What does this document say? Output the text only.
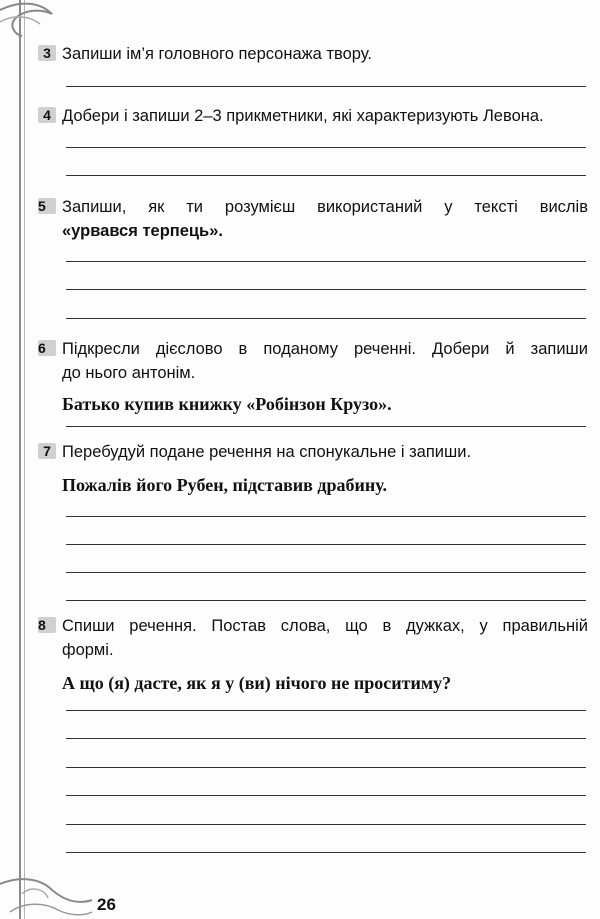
3 Запиши ім’я головного персонажа твору.
4 Добери і запиши 2–3 прикметники, які характеризують Левона.
5 Запиши, як ти розумієш використаний у тексті вислів
«урвався терпець».
6 Підкресли дієслово в поданому реченні. Добери й запиши
до нього антонім.
Батько купив книжку «Робінзон Крузо».
7 Перебудуй подане речення на спонукальне і запиши.
Пожалів його Рубен, підставив драбину.
8 Спиши речення. Постав слова, що в дужках, у правильній
формі.
А що (я) дасте, як я у (ви) нічого не проситиму?
26
